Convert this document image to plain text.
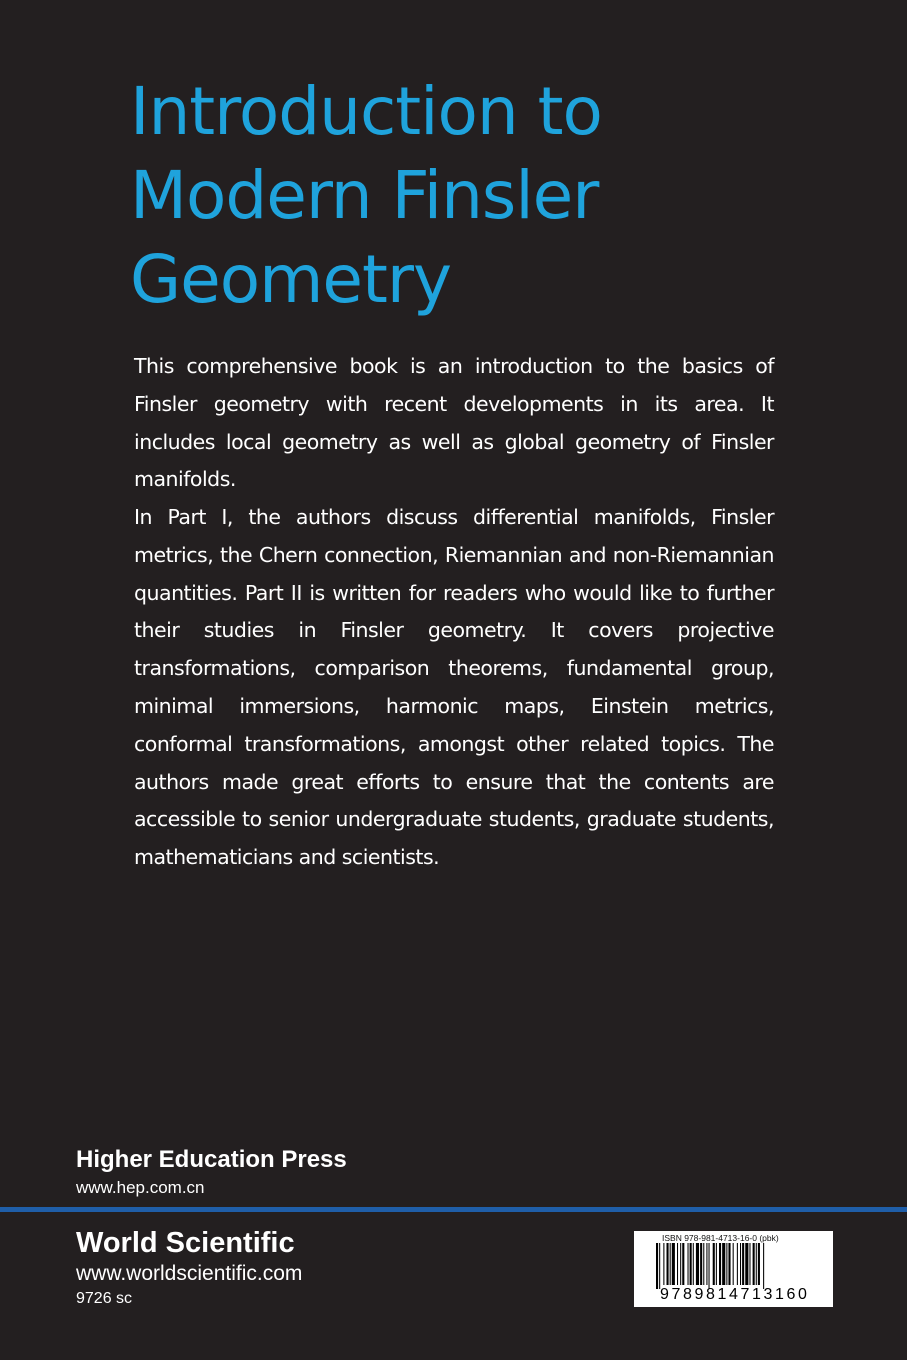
Introduction to
Modern Finsler
Geometry

This comprehensive book is an introduction to the basics of Finsler geometry with recent developments in its area. It includes local geometry as well as global geometry of Finsler manifolds.

In Part I, the authors discuss differential manifolds, Finsler metrics, the Chern connection, Riemannian and non-Riemannian quantities. Part II is written for readers who would like to further their studies in Finsler geometry. It covers projective transformations, comparison theorems, fundamental group, minimal immersions, harmonic maps, Einstein metrics, conformal transformations, amongst other related topics. The authors made great efforts to ensure that the contents are accessible to senior undergraduate students, graduate students, mathematicians and scientists.

Higher Education Press
www.hep.com.cn
World Scientific
www.worldscientific.com
9726 sc
ISBN 978-981-4713-16-0 (pbk)
9789814713160
